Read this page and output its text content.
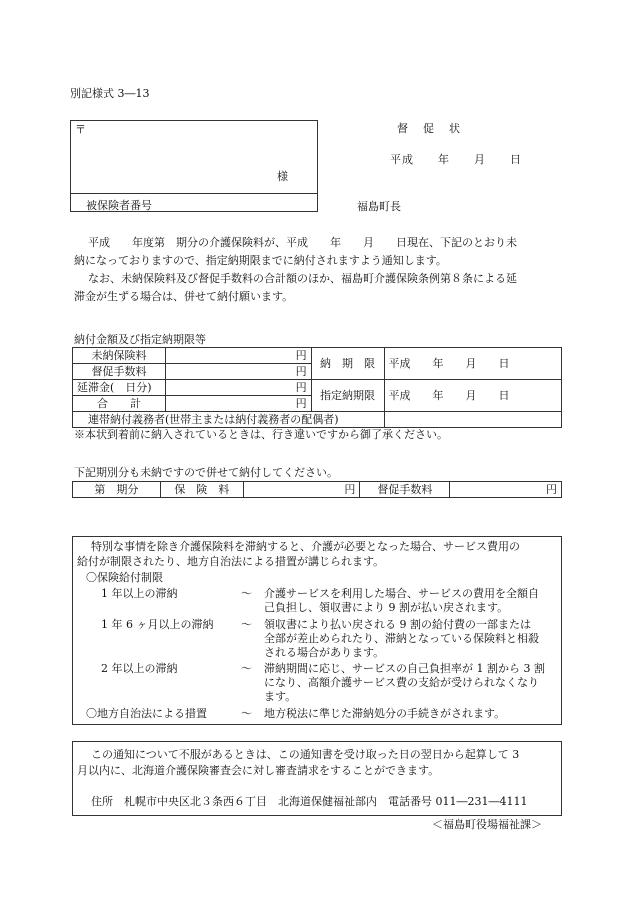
別記様式 3―13
〒
様
被保険者番号
督　促　状
平成　　年　　月　　日
福島町長
平成　　年度第　期分の介護保険料が、平成　　年　　月　　日現在、下記のとおり未
納になっておりますので、指定納期限までに納付されますよう通知します。
なお、未納保険料及び督促手数料の合計額のほか、福島町介護保険条例第８条による延
滞金が生ずる場合は、併せて納付願います。
納付金額及び指定納期限等
未納保険料	円	納　期　限	平成　　年　　月　　日
督促手数料	円		
延滞金(　日分)	円	指定納期限	平成　　年　　月　　日
合　　計	円		
連帯納付義務者(世帯主または納付義務者の配偶者)			
※本状到着前に納入されているときは、行き違いですから御了承ください。
下記期別分も未納ですので併せて納付してください。
第　期分	保　険　料	円	督促手数料	円
特別な事情を除き介護保険料を滞納すると、介護が必要となった場合、サービス費用の
給付が制限されたり、地方自治法による措置が講じられます。
〇保険給付制限
1 年以上の滞納	～ 介護サービスを利用した場合、サービスの費用を全額自
己負担し、領収書により 9 割が払い戻されます。
1 年 6 ヶ月以上の滞納	～ 領収書により払い戻される 9 割の給付費の一部または
全部が差止められたり、滞納となっている保険料と相殺
される場合があります。
2 年以上の滞納	～ 滞納期間に応じ、サービスの自己負担率が 1 割から 3 割
になり、高額介護サービス費の支給が受けられなくなり
ます。
〇地方自治法による措置	～ 地方税法に準じた滞納処分の手続きがされます。
この通知について不服があるときは、この通知書を受け取った日の翌日から起算して 3
月以内に、北海道介護保険審査会に対し審査請求をすることができます。
住所　札幌市中央区北３条西６丁目　北海道保健福祉部内　電話番号 011―231―4111
＜福島町役場福祉課＞
